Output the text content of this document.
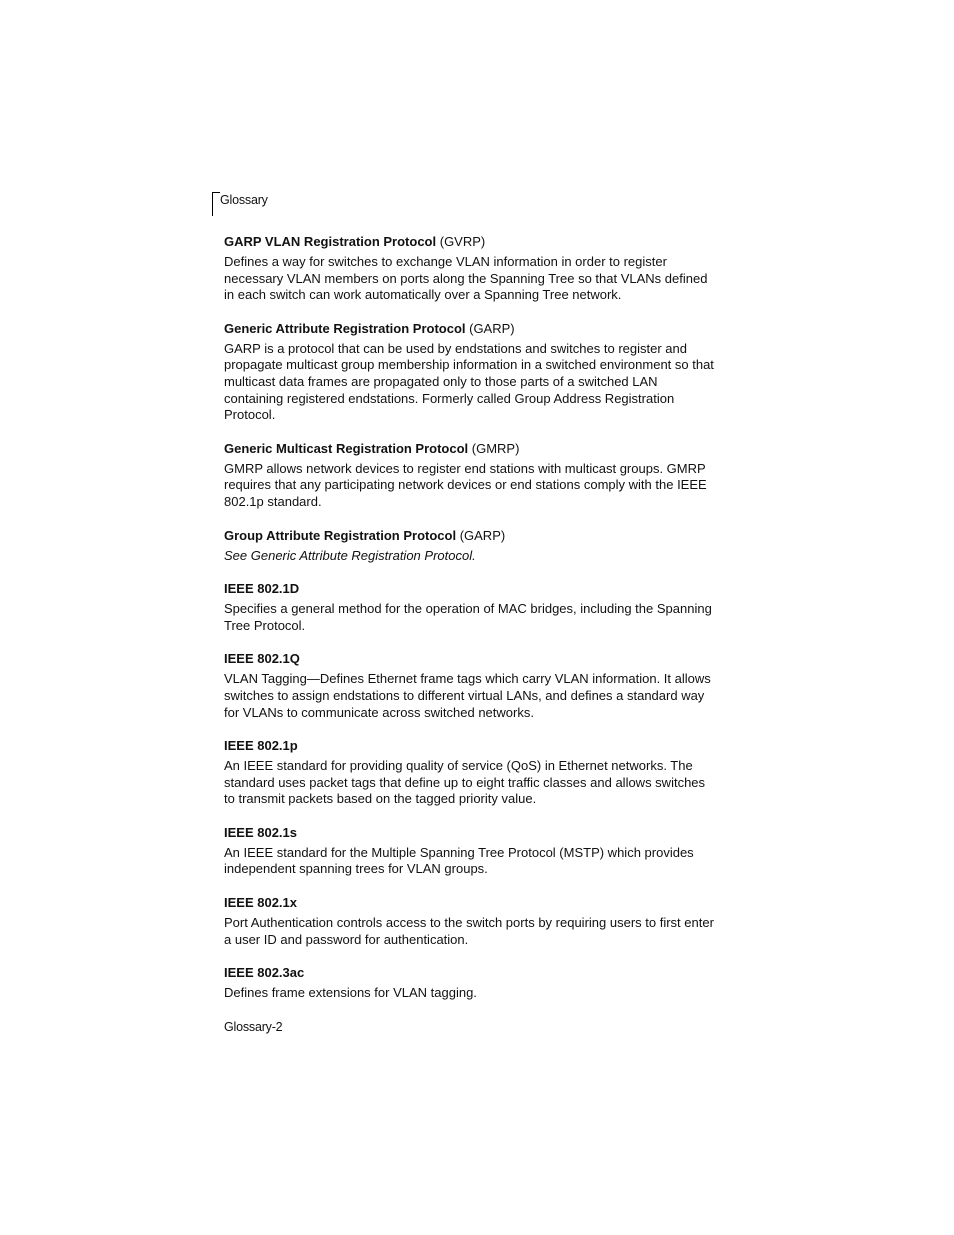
Glossary

GARP VLAN Registration Protocol (GVRP)

Defines a way for switches to exchange VLAN information in order to register necessary VLAN members on ports along the Spanning Tree so that VLANs defined in each switch can work automatically over a Spanning Tree network.

Generic Attribute Registration Protocol (GARP)

GARP is a protocol that can be used by endstations and switches to register and propagate multicast group membership information in a switched environment so that multicast data frames are propagated only to those parts of a switched LAN containing registered endstations. Formerly called Group Address Registration Protocol.

Generic Multicast Registration Protocol (GMRP)

GMRP allows network devices to register end stations with multicast groups. GMRP requires that any participating network devices or end stations comply with the IEEE 802.1p standard.

Group Attribute Registration Protocol (GARP)

See Generic Attribute Registration Protocol.

IEEE 802.1D

Specifies a general method for the operation of MAC bridges, including the Spanning Tree Protocol.

IEEE 802.1Q

VLAN Tagging—Defines Ethernet frame tags which carry VLAN information. It allows switches to assign endstations to different virtual LANs, and defines a standard way for VLANs to communicate across switched networks.

IEEE 802.1p

An IEEE standard for providing quality of service (QoS) in Ethernet networks. The standard uses packet tags that define up to eight traffic classes and allows switches to transmit packets based on the tagged priority value.

IEEE 802.1s

An IEEE standard for the Multiple Spanning Tree Protocol (MSTP) which provides independent spanning trees for VLAN groups.

IEEE 802.1x

Port Authentication controls access to the switch ports by requiring users to first enter a user ID and password for authentication.

IEEE 802.3ac

Defines frame extensions for VLAN tagging.

Glossary-2
